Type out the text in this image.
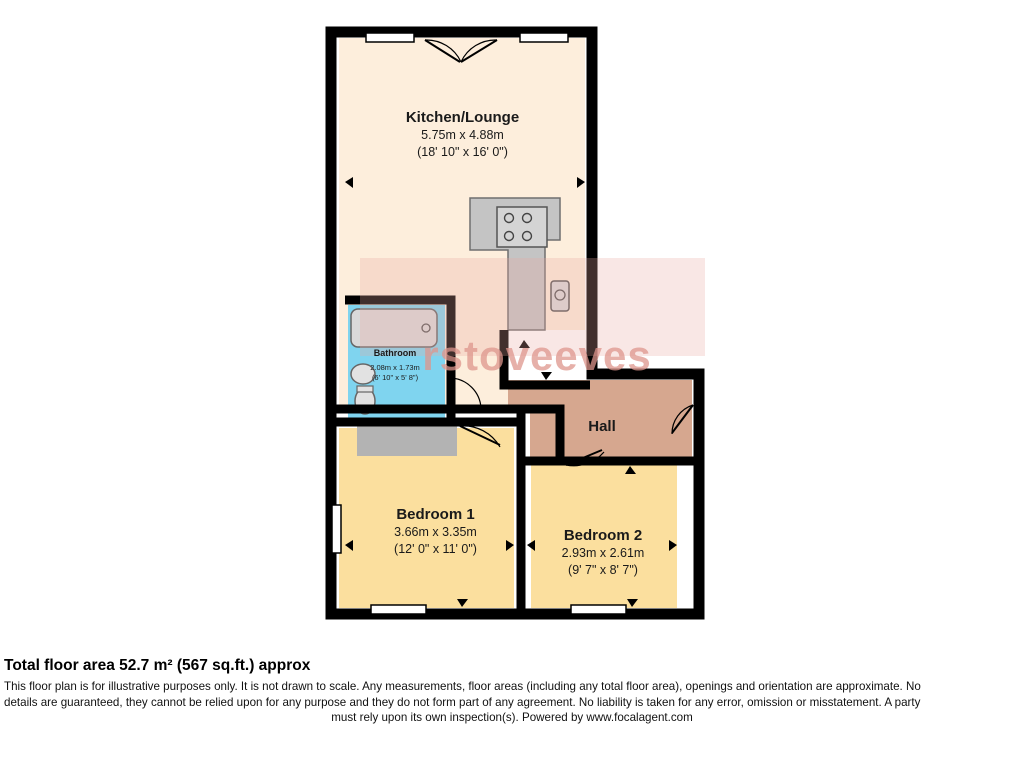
rstoveeves
Kitchen/Lounge
5.75m x 4.88m
(18' 10" x 16' 0")
Bathroom
2.08m x 1.73m
(6' 10" x 5' 8")
Hall
Bedroom 1
3.66m x 3.35m
(12' 0" x 11' 0")
Bedroom 2
2.93m x 2.61m
(9' 7" x 8' 7")
Total floor area 52.7 m² (567 sq.ft.) approx
This floor plan is for illustrative purposes only. It is not drawn to scale. Any measurements, floor areas (including any total floor area), openings and orientation are approximate. No
details are guaranteed, they cannot be relied upon for any purpose and they do not form part of any agreement. No liability is taken for any error, omission or misstatement. A party
must rely upon its own inspection(s). Powered by www.focalagent.com
